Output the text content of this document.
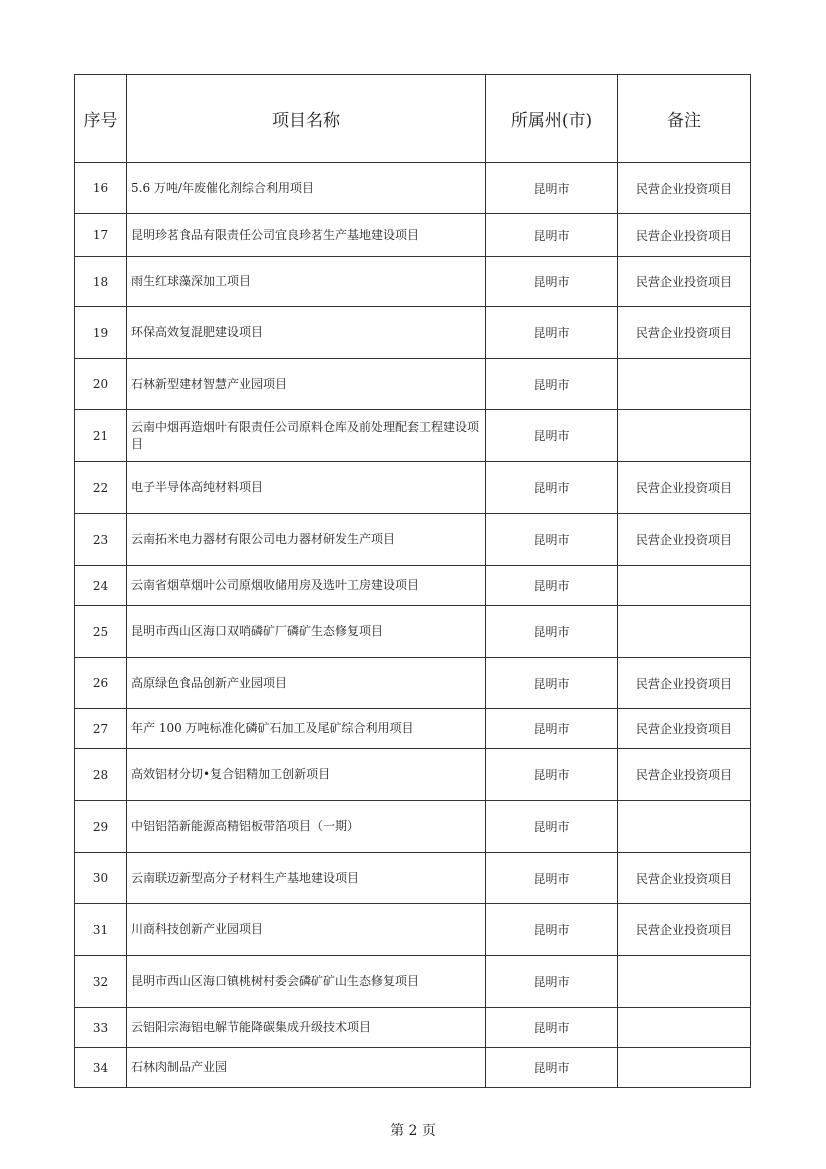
序号	项目名称	所属州(市)	备注
16	5.6 万吨/年废催化剂综合利用项目	昆明市	民营企业投资项目
17	昆明珍茗食品有限责任公司宜良珍茗生产基地建设项目	昆明市	民营企业投资项目
18	雨生红球藻深加工项目	昆明市	民营企业投资项目
19	环保高效复混肥建设项目	昆明市	民营企业投资项目
20	石林新型建材智慧产业园项目	昆明市	
21	云南中烟再造烟叶有限责任公司原料仓库及前处理配套工程建设项目	昆明市	
22	电子半导体高纯材料项目	昆明市	民营企业投资项目
23	云南拓米电力器材有限公司电力器材研发生产项目	昆明市	民营企业投资项目
24	云南省烟草烟叶公司原烟收储用房及选叶工房建设项目	昆明市	
25	昆明市西山区海口双哨磷矿厂磷矿生态修复项目	昆明市	
26	高原绿色食品创新产业园项目	昆明市	民营企业投资项目
27	年产 100 万吨标准化磷矿石加工及尾矿综合利用项目	昆明市	民营企业投资项目
28	高效铝材分切•复合铝精加工创新项目	昆明市	民营企业投资项目
29	中铝铝箔新能源高精铝板带箔项目（一期）	昆明市	
30	云南联迈新型高分子材料生产基地建设项目	昆明市	民营企业投资项目
31	川商科技创新产业园项目	昆明市	民营企业投资项目
32	昆明市西山区海口镇桃树村委会磷矿矿山生态修复项目	昆明市	
33	云铝阳宗海铝电解节能降碳集成升级技术项目	昆明市	
34	石林肉制品产业园	昆明市	
第 2 页
